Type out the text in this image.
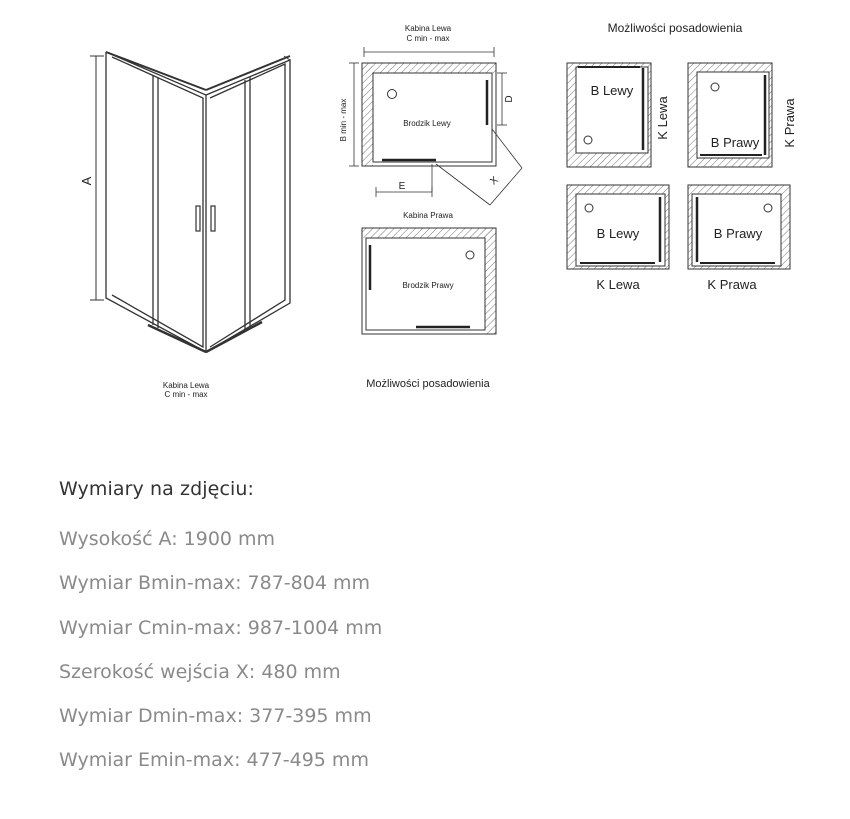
A
Kabina Lewa
C min - max
Kabina Lewa
C min - max
Brodzik Lewy
B min - max	D
E	X
Kabina Prawa
Brodzik Prawy
Możliwości posadowienia
Możliwości posadowienia
B Lewy
K Lewa
B Prawy K Prawa
B Lewy
K Lewa
B Prawy
K Prawa
Wymiary na zdjęciu:
Wysokość A: 1900 mm
Wymiar Bmin-max: 787-804 mm
Wymiar Cmin-max: 987-1004 mm
Szerokość wejścia X: 480 mm
Wymiar Dmin-max: 377-395 mm
Wymiar Emin-max: 477-495 mm
